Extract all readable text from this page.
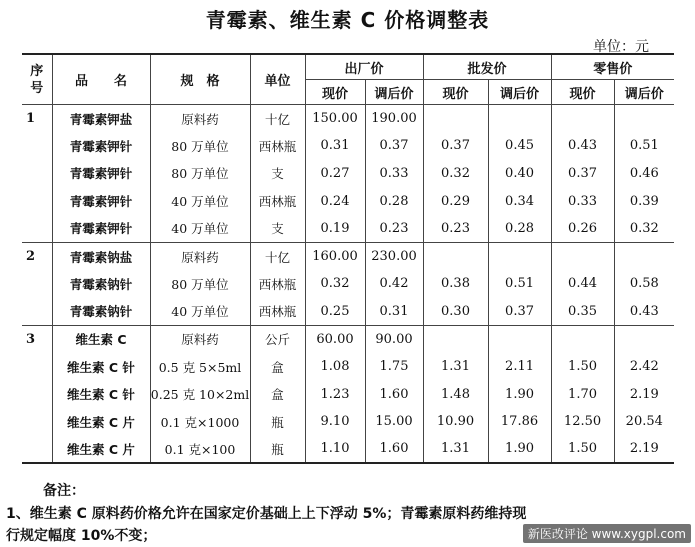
青霉素、维生素 C 价格调整表
单位：元
序号	品　　名	规　格	单位	出厂价		批发价		零售价	
				现价	调后价	现价	调后价	现价	调后价
1	青霉素钾盐	原料药	十亿	150.00	190.00				
	青霉素钾针	80 万单位	西林瓶	0.31	0.37	0.37	0.45	0.43	0.51
	青霉素钾针	80 万单位	支	0.27	0.33	0.32	0.40	0.37	0.46
	青霉素钾针	40 万单位	西林瓶	0.24	0.28	0.29	0.34	0.33	0.39
	青霉素钾针	40 万单位	支	0.19	0.23	0.23	0.28	0.26	0.32
2	青霉素钠盐	原料药	十亿	160.00	230.00				
	青霉素钠针	80 万单位	西林瓶	0.32	0.42	0.38	0.51	0.44	0.58
	青霉素钠针	40 万单位	西林瓶	0.25	0.31	0.30	0.37	0.35	0.43
3	维生素 C	原料药	公斤	60.00	90.00				
	维生素 C 针	0.5 克 5×5ml	盒	1.08	1.75	1.31	2.11	1.50	2.42
	维生素 C 针	0.25 克 10×2ml	盒	1.23	1.60	1.48	1.90	1.70	2.19
	维生素 C 片	0.1 克×1000	瓶	9.10	15.00	10.90	17.86	12.50	20.54
	维生素 C 片	0.1 克×100	瓶	1.10	1.60	1.31	1.90	1.50	2.19
备注：
1、维生素 C 原料药价格允许在国家定价基础上上下浮动 5%；青霉素原料药维持现
行规定幅度 10%不变；	新医改评论 www.xygpl.com
